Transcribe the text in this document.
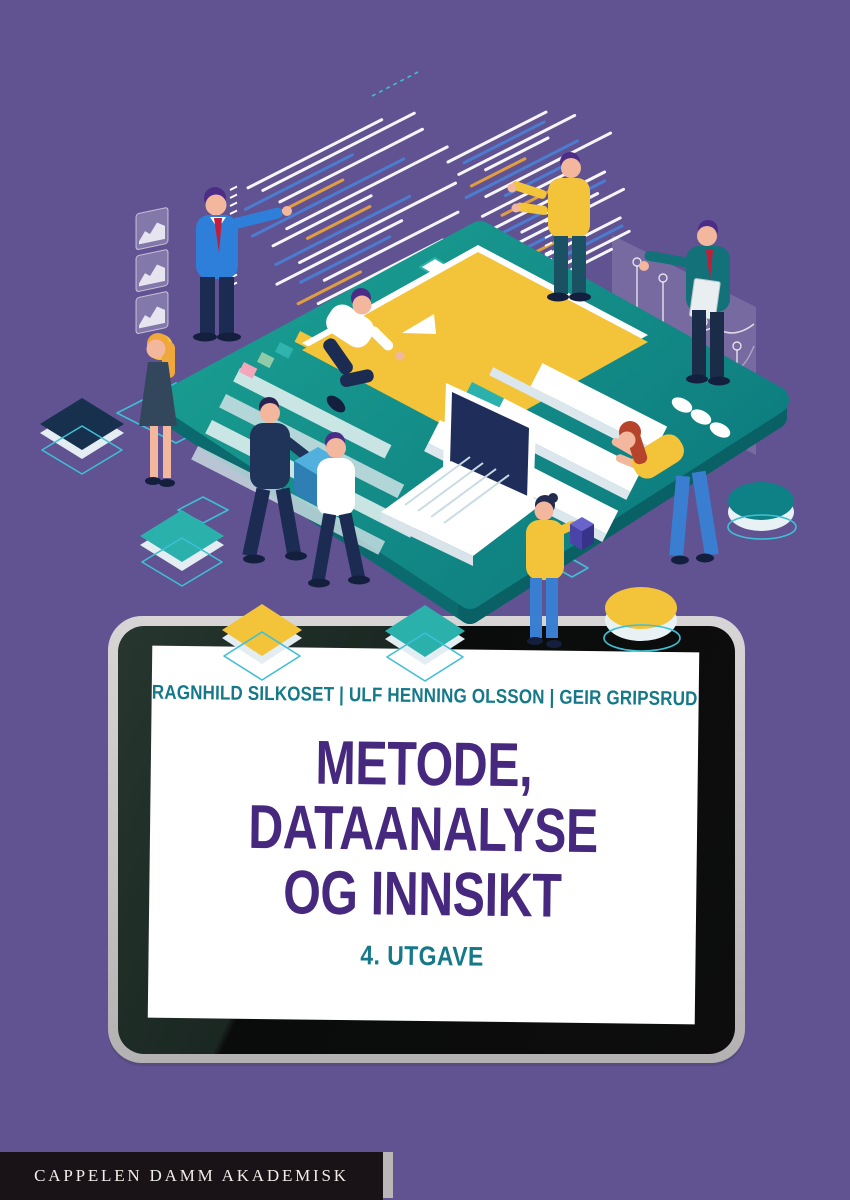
RAGNHILD SILKOSET | ULF HENNING OLSSON | GEIR GRIPSRUD
METODE,
DATAANALYSE
OG INNSIKT
4. UTGAVE
CAPPELEN DAMM AKADEMISK
